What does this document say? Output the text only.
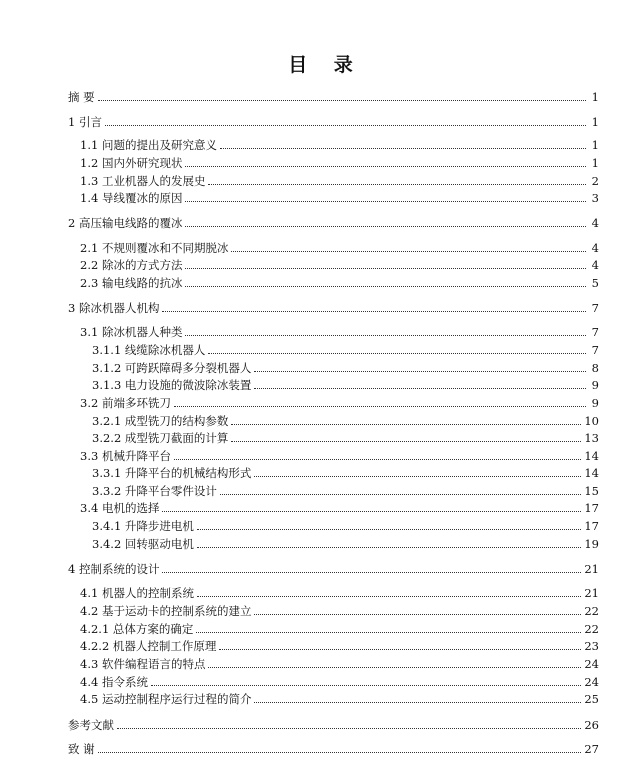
目 录
摘 要	1
1 引言	1
1.1 问题的提出及研究意义	1
1.2 国内外研究现状	1
1.3 工业机器人的发展史	2
1.4 导线覆冰的原因	3
2 高压输电线路的覆冰	4
2.1 不规则覆冰和不同期脱冰	4
2.2 除冰的方式方法	4
2.3 输电线路的抗冰	5
3 除冰机器人机构	7
3.1 除冰机器人种类	7
3.1.1 线缆除冰机器人	7
3.1.2 可跨跃障碍多分裂机器人	8
3.1.3 电力设施的微波除冰装置	9
3.2 前端多环铣刀	9
3.2.1 成型铣刀的结构参数	10
3.2.2 成型铣刀截面的计算	13
3.3 机械升降平台	14
3.3.1 升降平台的机械结构形式	14
3.3.2 升降平台零件设计	15
3.4 电机的选择	17
3.4.1 升降步进电机	17
3.4.2 回转驱动电机	19
4 控制系统的设计	21
4.1 机器人的控制系统	21
4.2 基于运动卡的控制系统的建立	22
4.2.1 总体方案的确定	22
4.2.2 机器人控制工作原理	23
4.3 软件编程语言的特点	24
4.4 指令系统	24
4.5 运动控制程序运行过程的简介	25
参考文献	26
致 谢	27
